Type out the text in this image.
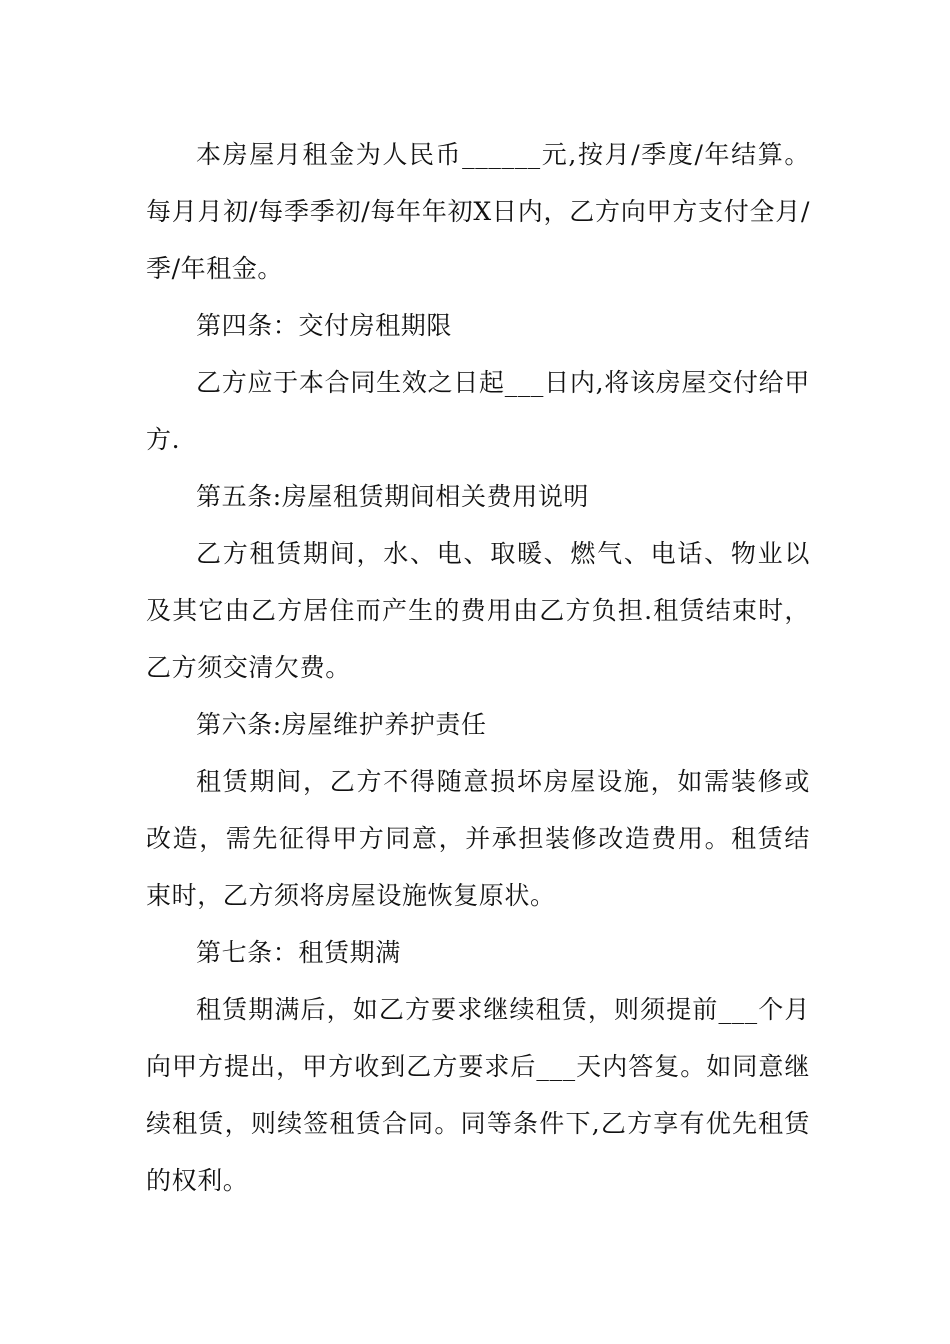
本房屋月租金为人民币______元,按月/季度/年结算。每月月初/每季季初/每年年初X日内，乙方向甲方支付全月/季/年租金。

第四条：交付房租期限

乙方应于本合同生效之日起___日内,将该房屋交付给甲方.

第五条:房屋租赁期间相关费用说明

乙方租赁期间，水、电、取暖、燃气、电话、物业以及其它由乙方居住而产生的费用由乙方负担.租赁结束时，乙方须交清欠费。

第六条:房屋维护养护责任

租赁期间，乙方不得随意损坏房屋设施，如需装修或改造，需先征得甲方同意，并承担装修改造费用。租赁结束时，乙方须将房屋设施恢复原状。

第七条：租赁期满

租赁期满后，如乙方要求继续租赁，则须提前___个月向甲方提出，甲方收到乙方要求后___天内答复。如同意继续租赁，则续签租赁合同。同等条件下,乙方享有优先租赁的权利。
